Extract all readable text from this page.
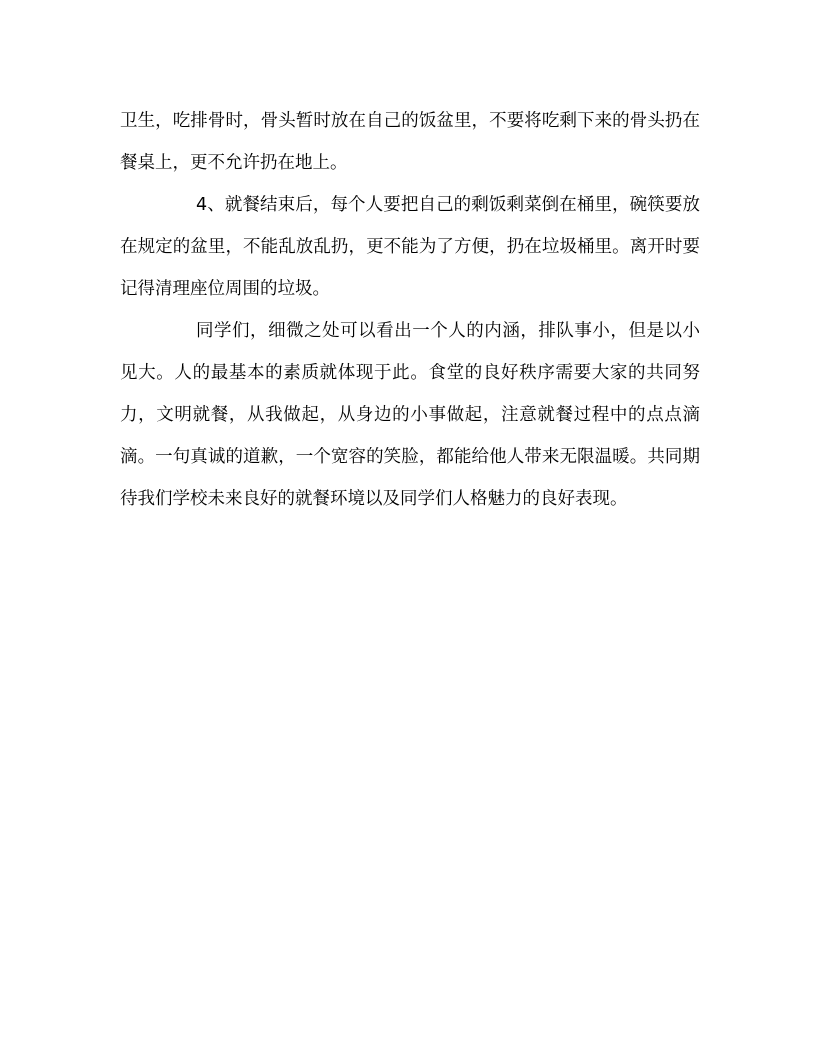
卫生，吃排骨时，骨头暂时放在自己的饭盆里，不要将吃剩下来的骨头扔在餐桌上，更不允许扔在地上。

4、就餐结束后，每个人要把自己的剩饭剩菜倒在桶里，碗筷要放在规定的盆里，不能乱放乱扔，更不能为了方便，扔在垃圾桶里。离开时要记得清理座位周围的垃圾。

同学们，细微之处可以看出一个人的内涵，排队事小，但是以小见大。人的最基本的素质就体现于此。食堂的良好秩序需要大家的共同努力，文明就餐，从我做起，从身边的小事做起，注意就餐过程中的点点滴滴。一句真诚的道歉，一个宽容的笑脸，都能给他人带来无限温暖。共同期待我们学校未来良好的就餐环境以及同学们人格魅力的良好表现。
